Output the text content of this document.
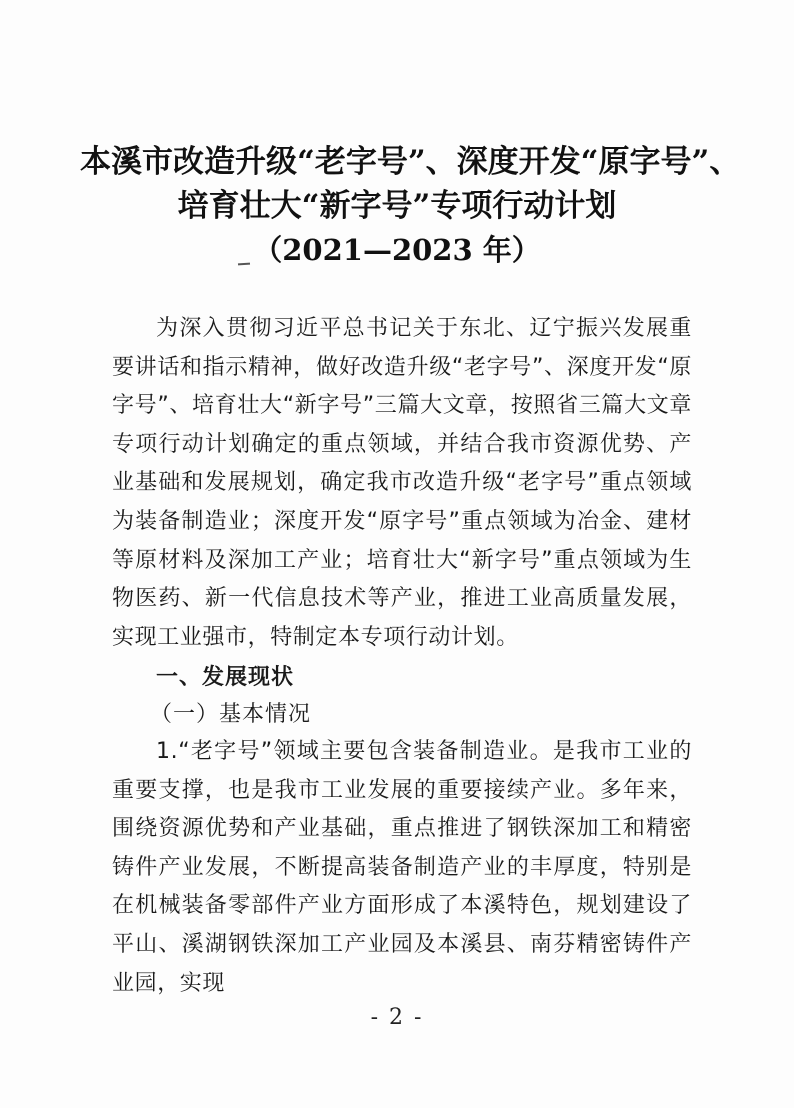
本溪市改造升级“老字号”、深度开发“原字号”、
培育壮大“新字号”专项行动计划
（2021—2023 年）

为深入贯彻习近平总书记关于东北、辽宁振兴发展重要讲话和指示精神，做好改造升级“老字号”、深度开发“原字号”、培育壮大“新字号”三篇大文章，按照省三篇大文章专项行动计划确定的重点领域，并结合我市资源优势、产业基础和发展规划，确定我市改造升级“老字号”重点领域为装备制造业；深度开发“原字号”重点领域为冶金、建材等原材料及深加工产业；培育壮大“新字号”重点领域为生物医药、新一代信息技术等产业，推进工业高质量发展，实现工业强市，特制定本专项行动计划。

一、发展现状
（一）基本情况

1.“老字号”领域主要包含装备制造业。是我市工业的重要支撑，也是我市工业发展的重要接续产业。多年来，围绕资源优势和产业基础，重点推进了钢铁深加工和精密铸件产业发展，不断提高装备制造产业的丰厚度，特别是在机械装备零部件产业方面形成了本溪特色，规划建设了平山、溪湖钢铁深加工产业园及本溪县、南芬精密铸件产业园，实现

- 2 -
